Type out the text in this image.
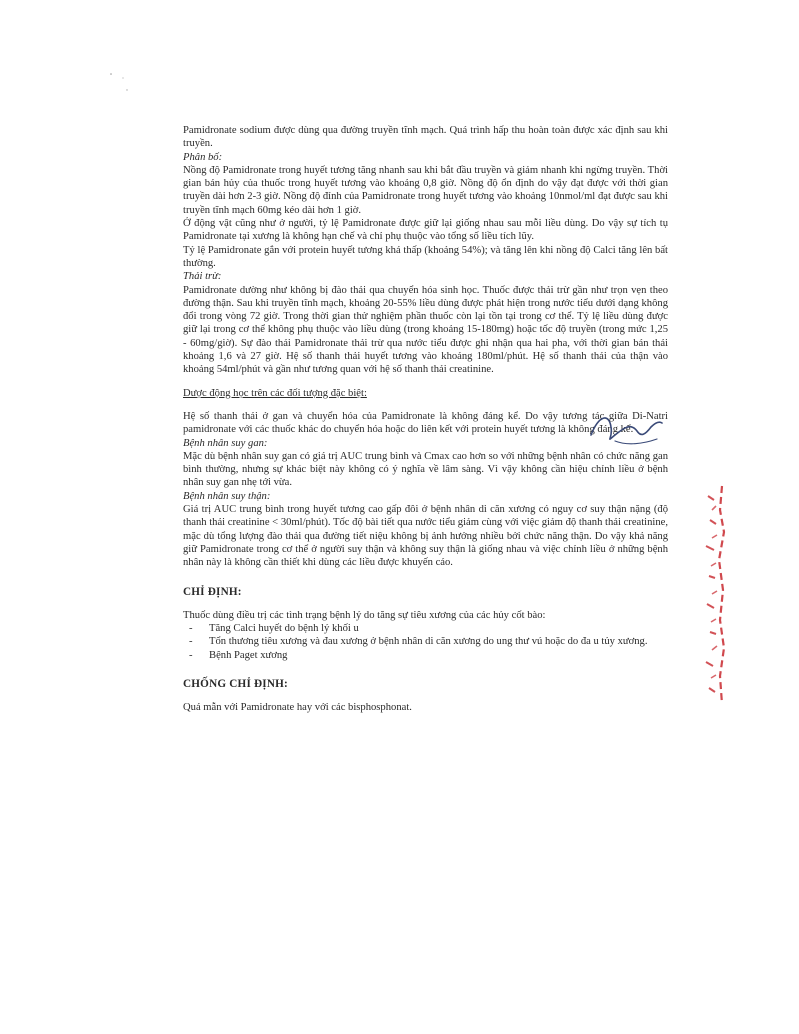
Pamidronate sodium được dùng qua đường truyền tĩnh mạch. Quá trình hấp thu hoàn toàn được xác định sau khi truyền.

Phân bố:

Nồng độ Pamidronate trong huyết tương tăng nhanh sau khi bắt đầu truyền và giảm nhanh khi ngừng truyền. Thời gian bán hủy của thuốc trong huyết tương vào khoảng 0,8 giờ. Nồng độ ổn định do vậy đạt được với thời gian truyền dài hơn 2-3 giờ. Nồng độ đỉnh của Pamidronate trong huyết tương vào khoảng 10nmol/ml đạt được sau khi truyền tĩnh mạch 60mg kéo dài hơn 1 giờ.

Ở động vật cũng như ở người, tỷ lệ Pamidronate được giữ lại giống nhau sau mỗi liều dùng. Do vậy sự tích tụ Pamidronate tại xương là không hạn chế và chỉ phụ thuộc vào tổng số liều tích lũy.

Tỷ lệ Pamidronate gắn với protein huyết tương khá thấp (khoảng 54%); và tăng lên khi nồng độ Calci tăng lên bất thường.

Thải trừ:

Pamidronate dường như không bị đào thải qua chuyển hóa sinh học. Thuốc được thải trừ gần như trọn vẹn theo đường thận. Sau khi truyền tĩnh mạch, khoảng 20-55% liều dùng được phát hiện trong nước tiểu dưới dạng không đổi trong vòng 72 giờ. Trong thời gian thử nghiệm phần thuốc còn lại tồn tại trong cơ thể. Tỷ lệ liều dùng được giữ lại trong cơ thể không phụ thuộc vào liều dùng (trong khoảng 15-180mg) hoặc tốc độ truyền (trong mức 1,25 - 60mg/giờ). Sự đào thải Pamidronate thải trừ qua nước tiểu được ghi nhận qua hai pha, với thời gian bán thải khoảng 1,6 và 27 giờ. Hệ số thanh thải huyết tương vào khoảng 180ml/phút. Hệ số thanh thải của thận vào khoảng 54ml/phút và gần như tương quan với hệ số thanh thải creatinine.

Dược động học trên các đối tượng đặc biệt:

Hệ số thanh thải ở gan và chuyển hóa của Pamidronate là không đáng kể. Do vậy tương tác giữa Di-Natri pamidronate với các thuốc khác do chuyển hóa hoặc do liên kết với protein huyết tương là không đáng kể.

Bệnh nhân suy gan:

Mặc dù bệnh nhân suy gan có giá trị AUC trung bình và Cmax cao hơn so với những bệnh nhân có chức năng gan bình thường, nhưng sự khác biệt này không có ý nghĩa về lâm sàng. Vì vậy không cần hiệu chỉnh liều ở bệnh nhân suy gan nhẹ tới vừa.

Bệnh nhân suy thận:

Giá trị AUC trung bình trong huyết tương cao gấp đôi ở bệnh nhân di căn xương có nguy cơ suy thận nặng (độ thanh thải creatinine < 30ml/phút). Tốc độ bài tiết qua nước tiểu giảm cùng với việc giảm độ thanh thải creatinine, mặc dù tổng lượng đào thải qua đường tiết niệu không bị ảnh hưởng nhiều bởi chức năng thận. Do vậy khả năng giữ Pamidronate trong cơ thể ở người suy thận và không suy thận là giống nhau và việc chỉnh liều ở những bệnh nhân này là không cần thiết khi dùng các liều được khuyến cáo.

CHỈ ĐỊNH:

Thuốc dùng điều trị các tình trạng bệnh lý do tăng sự tiêu xương của các hủy cốt bào:

- Tăng Calci huyết do bệnh lý khối u
- Tổn thương tiêu xương và đau xương ở bệnh nhân di căn xương do ung thư vú hoặc do đa u tủy xương.
- Bệnh Paget xương

CHỐNG CHỈ ĐỊNH:

Quá mẫn với Pamidronate hay với các bisphosphonat.
